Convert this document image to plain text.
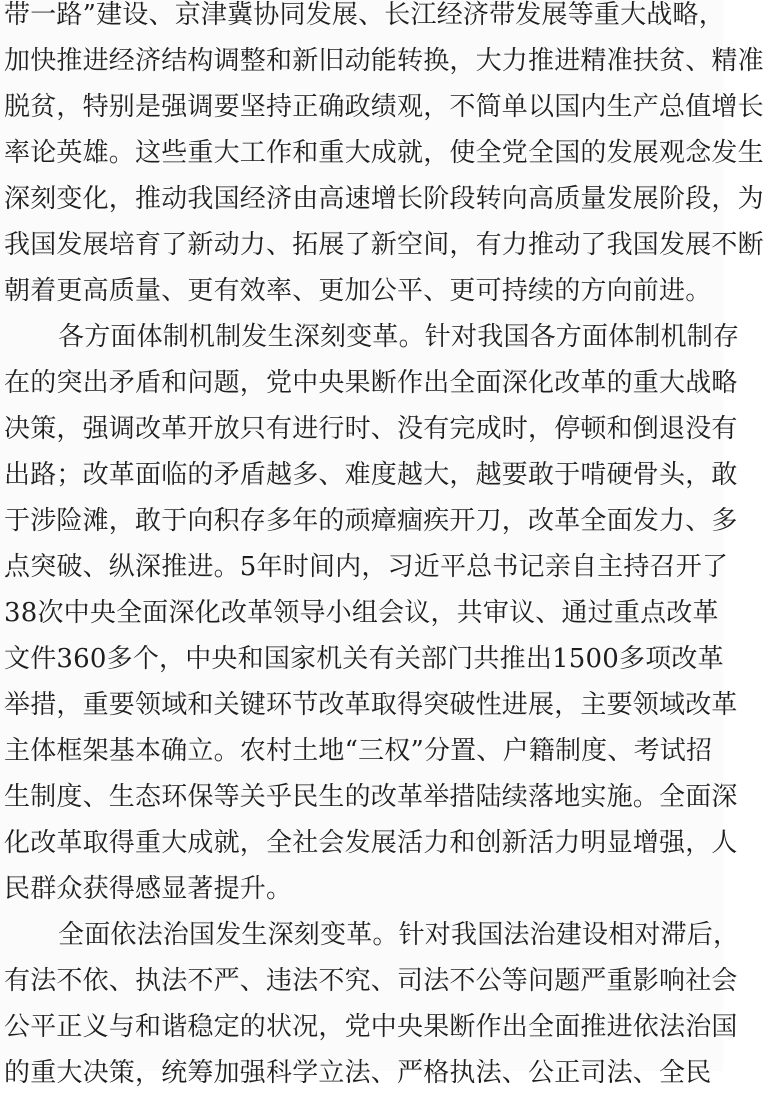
带一路”建设、京津冀协同发展、长江经济带发展等重大战略，
加快推进经济结构调整和新旧动能转换，大力推进精准扶贫、精准
脱贫，特别是强调要坚持正确政绩观，不简单以国内生产总值增长
率论英雄。这些重大工作和重大成就，使全党全国的发展观念发生
深刻变化，推动我国经济由高速增长阶段转向高质量发展阶段，为
我国发展培育了新动力、拓展了新空间，有力推动了我国发展不断
朝着更高质量、更有效率、更加公平、更可持续的方向前进。
各方面体制机制发生深刻变革。针对我国各方面体制机制存
在的突出矛盾和问题，党中央果断作出全面深化改革的重大战略
决策，强调改革开放只有进行时、没有完成时，停顿和倒退没有
出路；改革面临的矛盾越多、难度越大，越要敢于啃硬骨头，敢
于涉险滩，敢于向积存多年的顽瘴痼疾开刀，改革全面发力、多
点突破、纵深推进。5年时间内，习近平总书记亲自主持召开了
38次中央全面深化改革领导小组会议，共审议、通过重点改革
文件360多个，中央和国家机关有关部门共推出1500多项改革
举措，重要领域和关键环节改革取得突破性进展，主要领域改革
主体框架基本确立。农村土地“三权”分置、户籍制度、考试招
生制度、生态环保等关乎民生的改革举措陆续落地实施。全面深
化改革取得重大成就，全社会发展活力和创新活力明显增强，人
民群众获得感显著提升。
全面依法治国发生深刻变革。针对我国法治建设相对滞后，
有法不依、执法不严、违法不究、司法不公等问题严重影响社会
公平正义与和谐稳定的状况，党中央果断作出全面推进依法治国
的重大决策，统筹加强科学立法、严格执法、公正司法、全民
